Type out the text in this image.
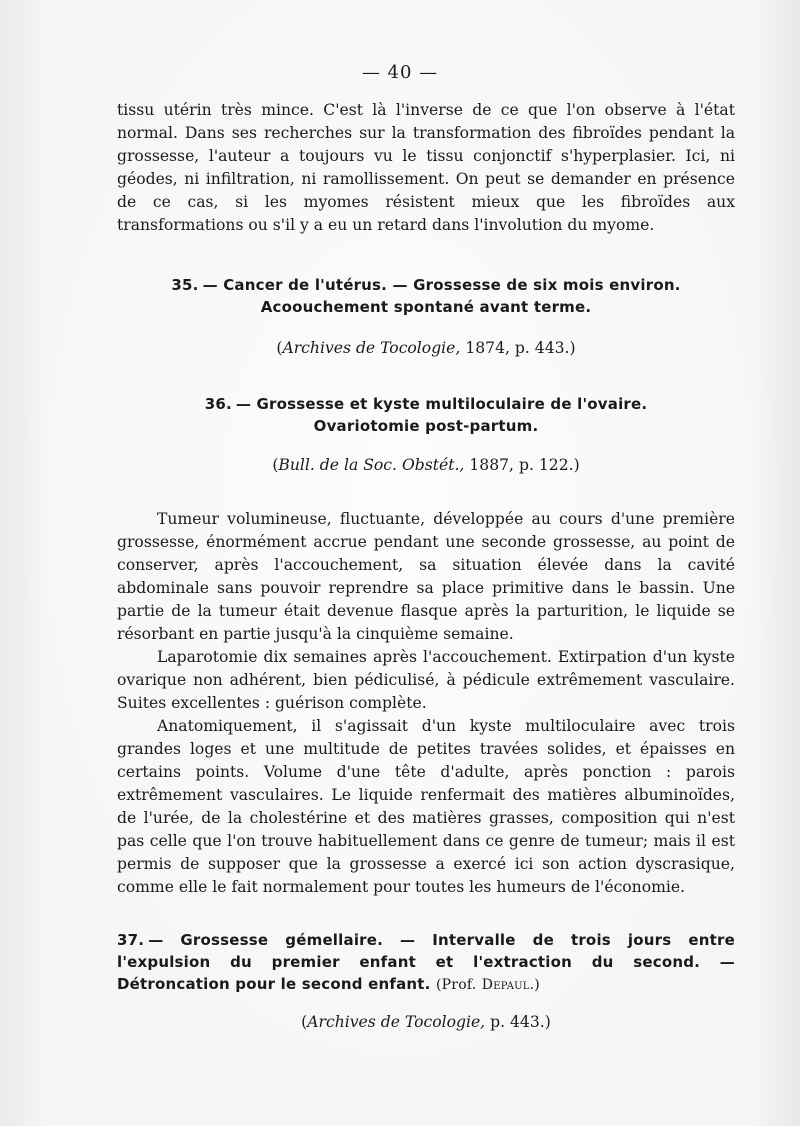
— 40 —

tissu utérin très mince. C'est là l'inverse de ce que l'on observe à l'état normal. Dans ses recherches sur la transformation des fibroïdes pendant la grossesse, l'auteur a toujours vu le tissu conjonctif s'hyperplasier. Ici, ni géodes, ni infiltration, ni ramollissement. On peut se demander en présence de ce cas, si les myomes résistent mieux que les fibroïdes aux transformations ou s'il y a eu un retard dans l'involution du myome.

35. — Cancer de l'utérus. — Grossesse de six mois environ.
Acoouchement spontané avant terme.
(Archives de Tocologie, 1874, p. 443.)
36. — Grossesse et kyste multiloculaire de l'ovaire.
Ovariotomie post-partum.
(Bull. de la Soc. Obstét., 1887, p. 122.)

Tumeur volumineuse, fluctuante, développée au cours d'une première grossesse, énormément accrue pendant une seconde grossesse, au point de conserver, après l'accouchement, sa situation élevée dans la cavité abdominale sans pouvoir reprendre sa place primitive dans le bassin. Une partie de la tumeur était devenue flasque après la parturition, le liquide se résorbant en partie jusqu'à la cinquième semaine.

Laparotomie dix semaines après l'accouchement. Extirpation d'un kyste ovarique non adhérent, bien pédiculisé, à pédicule extrêmement vasculaire. Suites excellentes : guérison complète.

Anatomiquement, il s'agissait d'un kyste multiloculaire avec trois grandes loges et une multitude de petites travées solides, et épaisses en certains points. Volume d'une tête d'adulte, après ponction : parois extrêmement vasculaires. Le liquide renfermait des matières albuminoïdes, de l'urée, de la cholestérine et des matières grasses, composition qui n'est pas celle que l'on trouve habituellement dans ce genre de tumeur; mais il est permis de supposer que la grossesse a exercé ici son action dyscrasique, comme elle le fait normalement pour toutes les humeurs de l'économie.

37. — Grossesse gémellaire. — Intervalle de trois jours entre l'expulsion du premier enfant et l'extraction du second. — Détroncation pour le second enfant. (Prof. Depaul.)
(Archives de Tocologie, p. 443.)
